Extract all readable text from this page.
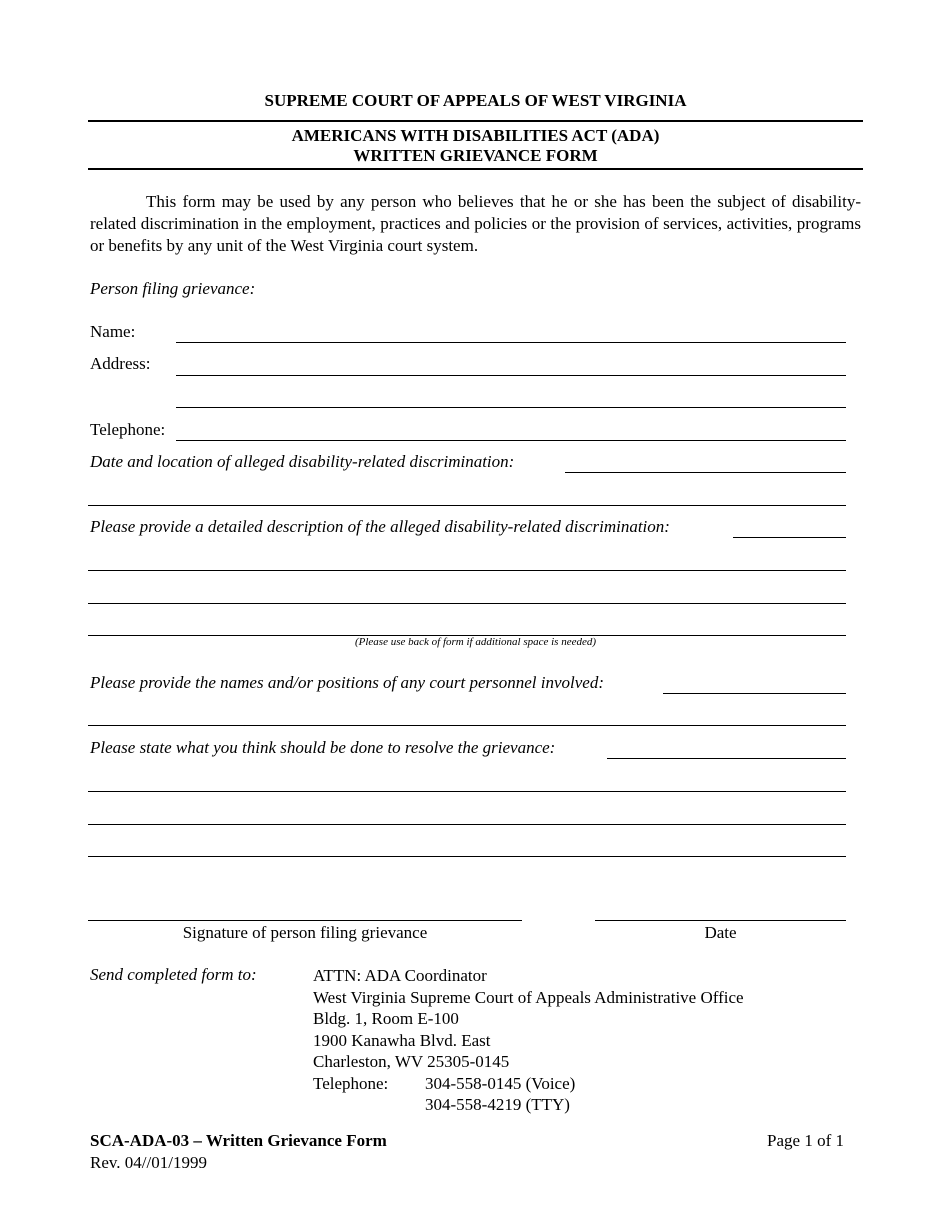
SUPREME COURT OF APPEALS OF WEST VIRGINIA
AMERICANS WITH DISABILITIES ACT (ADA)
WRITTEN GRIEVANCE FORM
This form may be used by any person who believes that he or she has been the subject of disability-related discrimination in the employment, practices and policies or the provision of services, activities, programs or benefits by any unit of the West Virginia court system.
Person filing grievance:
Name:
Address:
Telephone:
Date and location of alleged disability-related discrimination:
Please provide a detailed description of the alleged disability-related discrimination:
(Please use back of form if additional space is needed)
Please provide the names and/or positions of any court personnel involved:
Please state what you think should be done to resolve the grievance:
Signature of person filing grievance	Date
Send completed form to:	ATTN: ADA Coordinator
West Virginia Supreme Court of Appeals Administrative Office
Bldg. 1, Room E-100
1900 Kanawha Blvd. East
Charleston, WV 25305-0145
Telephone: 304-558-0145 (Voice)
304-558-4219 (TTY)
SCA-ADA-03 – Written Grievance Form
Rev. 04//01/1999
Page 1 of 1
